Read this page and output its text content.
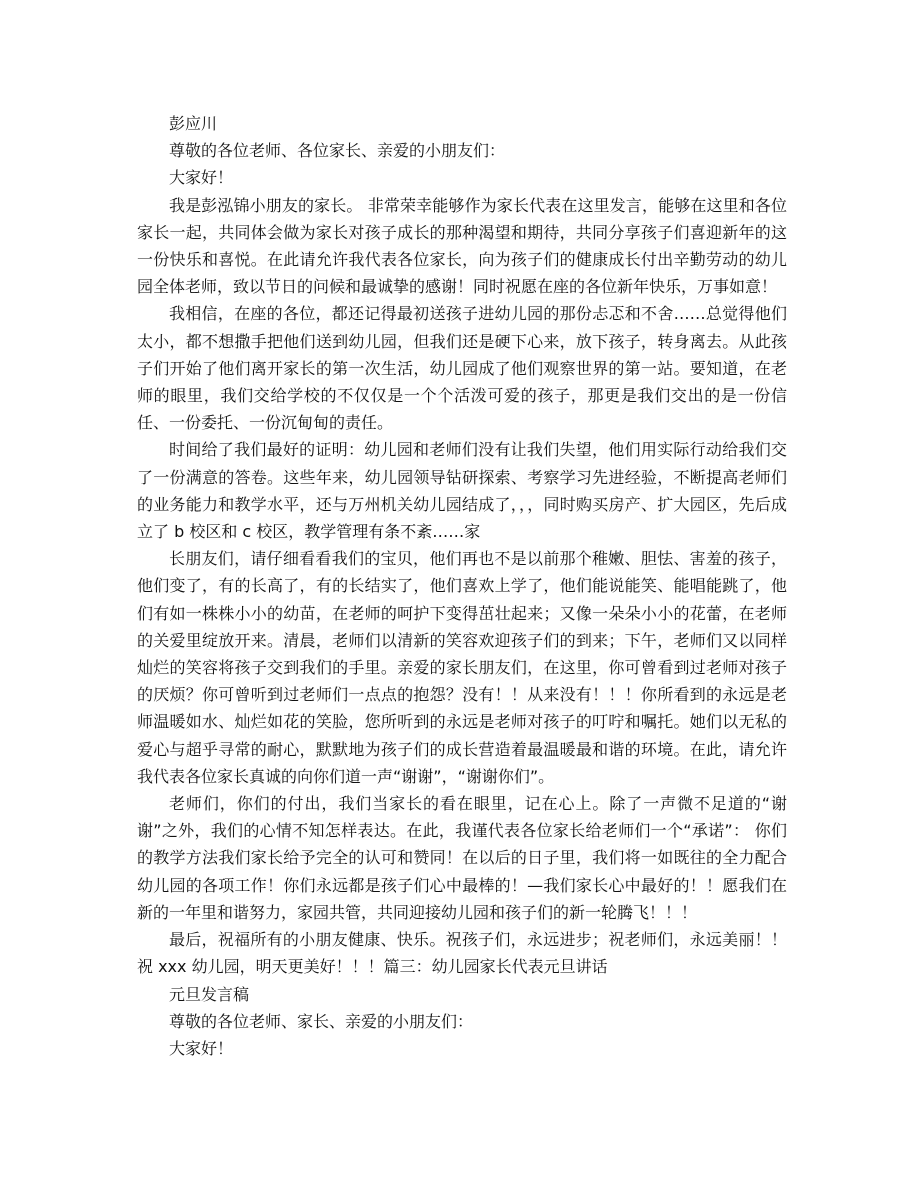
彭应川

尊敬的各位老师、各位家长、亲爱的小朋友们：

大家好！

我是彭泓锦小朋友的家长。 非常荣幸能够作为家长代表在这里发言，能够在这里和各位家长一起，共同体会做为家长对孩子成长的那种渴望和期待，共同分享孩子们喜迎新年的这一份快乐和喜悦。在此请允许我代表各位家长，向为孩子们的健康成长付出辛勤劳动的幼儿园全体老师，致以节日的问候和最诚挚的感谢！同时祝愿在座的各位新年快乐，万事如意！

我相信，在座的各位，都还记得最初送孩子进幼儿园的那份忐忑和不舍……总觉得他们太小，都不想撒手把他们送到幼儿园，但我们还是硬下心来，放下孩子，转身离去。从此孩子们开始了他们离开家长的第一次生活，幼儿园成了他们观察世界的第一站。要知道，在老师的眼里，我们交给学校的不仅仅是一个个活泼可爱的孩子，那更是我们交出的是一份信任、一份委托、一份沉甸甸的责任。

时间给了我们最好的证明：幼儿园和老师们没有让我们失望，他们用实际行动给我们交了一份满意的答卷。这些年来，幼儿园领导钻研探索、考察学习先进经验，不断提高老师们的业务能力和教学水平，还与万州机关幼儿园结成了，，，同时购买房产、扩大园区，先后成立了 b 校区和 c 校区，教学管理有条不紊……家

长朋友们，请仔细看看我们的宝贝，他们再也不是以前那个稚嫩、胆怯、害羞的孩子，他们变了，有的长高了，有的长结实了，他们喜欢上学了，他们能说能笑、能唱能跳了，他们有如一株株小小的幼苗，在老师的呵护下变得茁壮起来；又像一朵朵小小的花蕾，在老师的关爱里绽放开来。清晨，老师们以清新的笑容欢迎孩子们的到来；下午，老师们又以同样灿烂的笑容将孩子交到我们的手里。亲爱的家长朋友们，在这里，你可曾看到过老师对孩子的厌烦？你可曾听到过老师们一点点的抱怨？没有！！从来没有！！！你所看到的永远是老师温暖如水、灿烂如花的笑脸，您所听到的永远是老师对孩子的叮咛和嘱托。她们以无私的爱心与超乎寻常的耐心，默默地为孩子们的成长营造着最温暖最和谐的环境。在此，请允许我代表各位家长真诚的向你们道一声“谢谢”，“谢谢你们”。

老师们，你们的付出，我们当家长的看在眼里，记在心上。除了一声微不足道的“谢谢”之外，我们的心情不知怎样表达。在此，我谨代表各位家长给老师们一个“承诺”： 你们的教学方法我们家长给予完全的认可和赞同！在以后的日子里，我们将一如既往的全力配合幼儿园的各项工作！你们永远都是孩子们心中最棒的！—我们家长心中最好的！！愿我们在新的一年里和谐努力，家园共管，共同迎接幼儿园和孩子们的新一轮腾飞！！！

最后，祝福所有的小朋友健康、快乐。祝孩子们，永远进步；祝老师们，永远美丽！！祝 xxx 幼儿园，明天更美好！！！篇三：幼儿园家长代表元旦讲话

元旦发言稿

尊敬的各位老师、家长、亲爱的小朋友们：

大家好！
